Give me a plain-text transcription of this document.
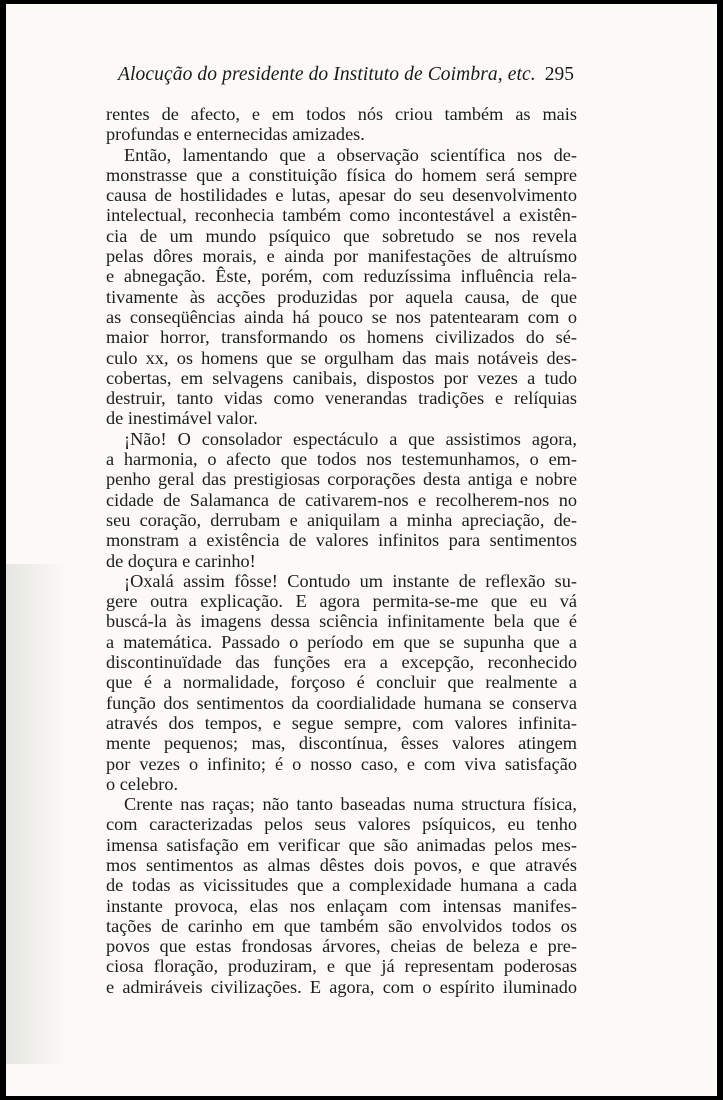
Alocução do presidente do Instituto de Coimbra, etc. 295
rentes de afecto, e em todos nós criou também as mais
profundas e enternecidas amizades.
Então, lamentando que a observação scientífica nos de-
monstrasse que a constituição física do homem será sempre
causa de hostilidades e lutas, apesar do seu desenvolvimento
intelectual, reconhecia também como incontestável a existên-
cia de um mundo psíquico que sobretudo se nos revela
pelas dôres morais, e ainda por manifestações de altruísmo
e abnegação. Êste, porém, com reduzíssima influência rela-
tivamente às acções produzidas por aquela causa, de que
as conseqüências ainda há pouco se nos patentearam com o
maior horror, transformando os homens civilizados do sé-
culo xx, os homens que se orgulham das mais notáveis des-
cobertas, em selvagens canibais, dispostos por vezes a tudo
destruir, tanto vidas como venerandas tradições e relíquias
de inestimável valor.
¡Não! O consolador espectáculo a que assistimos agora,
a harmonia, o afecto que todos nos testemunhamos, o em-
penho geral das prestigiosas corporações desta antiga e nobre
cidade de Salamanca de cativarem-nos e recolherem-nos no
seu coração, derrubam e aniquilam a minha apreciação, de-
monstram a existência de valores infinitos para sentimentos
de doçura e carinho!
¡Oxalá assim fôsse! Contudo um instante de reflexão su-
gere outra explicação. E agora permita-se-me que eu vá
buscá-la às imagens dessa sciência infinitamente bela que é
a matemática. Passado o período em que se supunha que a
discontinuïdade das funções era a excepção, reconhecido
que é a normalidade, forçoso é concluir que realmente a
função dos sentimentos da coordialidade humana se conserva
através dos tempos, e segue sempre, com valores infinita-
mente pequenos; mas, discontínua, êsses valores atingem
por vezes o infinito; é o nosso caso, e com viva satisfação
o celebro.
Crente nas raças; não tanto baseadas numa structura física,
com caracterizadas pelos seus valores psíquicos, eu tenho
imensa satisfação em verificar que são animadas pelos mes-
mos sentimentos as almas dêstes dois povos, e que através
de todas as vicissitudes que a complexidade humana a cada
instante provoca, elas nos enlaçam com intensas manifes-
tações de carinho em que também são envolvidos todos os
povos que estas frondosas árvores, cheias de beleza e pre-
ciosa floração, produziram, e que já representam poderosas
e admiráveis civilizações. E agora, com o espírito iluminado
